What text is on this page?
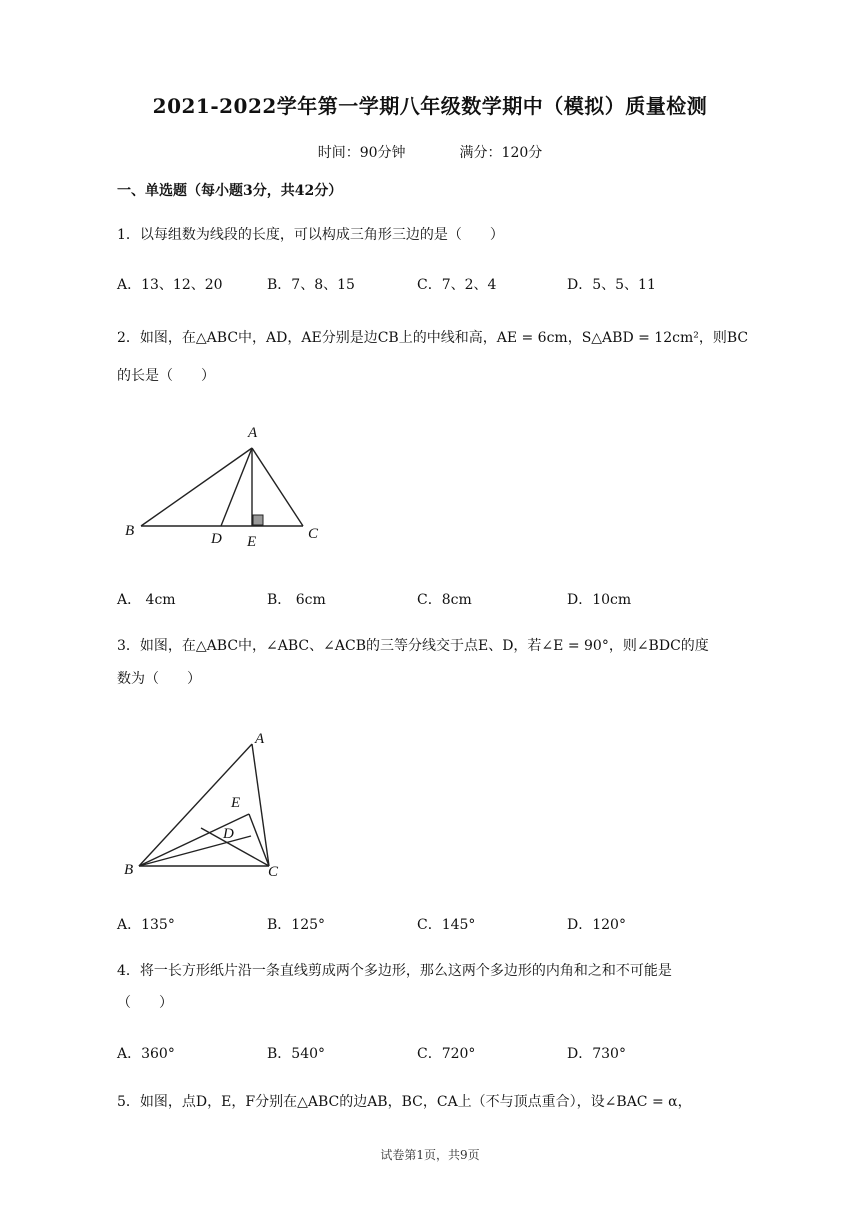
2021-2022学年第一学期八年级数学期中（模拟）质量检测
时间：90分钟	满分：120分
一、单选题（每小题3分，共42分）
1．以每组数为线段的长度，可以构成三角形三边的是（　　）
A．13、12、20	B．7、8、15	C．7、2、4	D．5、5、11
2．如图，在△ABC中，AD，AE分别是边CB上的中线和高，AE = 6cm，S△ABD = 12cm²，则BC
的长是（　　）
A
B	C
D E
A． 4cm	B． 6cm	C．8cm	D．10cm
3．如图，在△ABC中，∠ABC、∠ACB的三等分线交于点E、D，若∠E = 90°，则∠BDC的度
数为（　　）
A
B	C
D
E
A．135°	B．125°	C．145°	D．120°
4．将一长方形纸片沿一条直线剪成两个多边形，那么这两个多边形的内角和之和不可能是
（　　）
A．360°	B．540°	C．720°	D．730°
5．如图，点D，E，F分别在△ABC的边AB，BC，CA上（不与顶点重合），设∠BAC = α，
试卷第1页，共9页
